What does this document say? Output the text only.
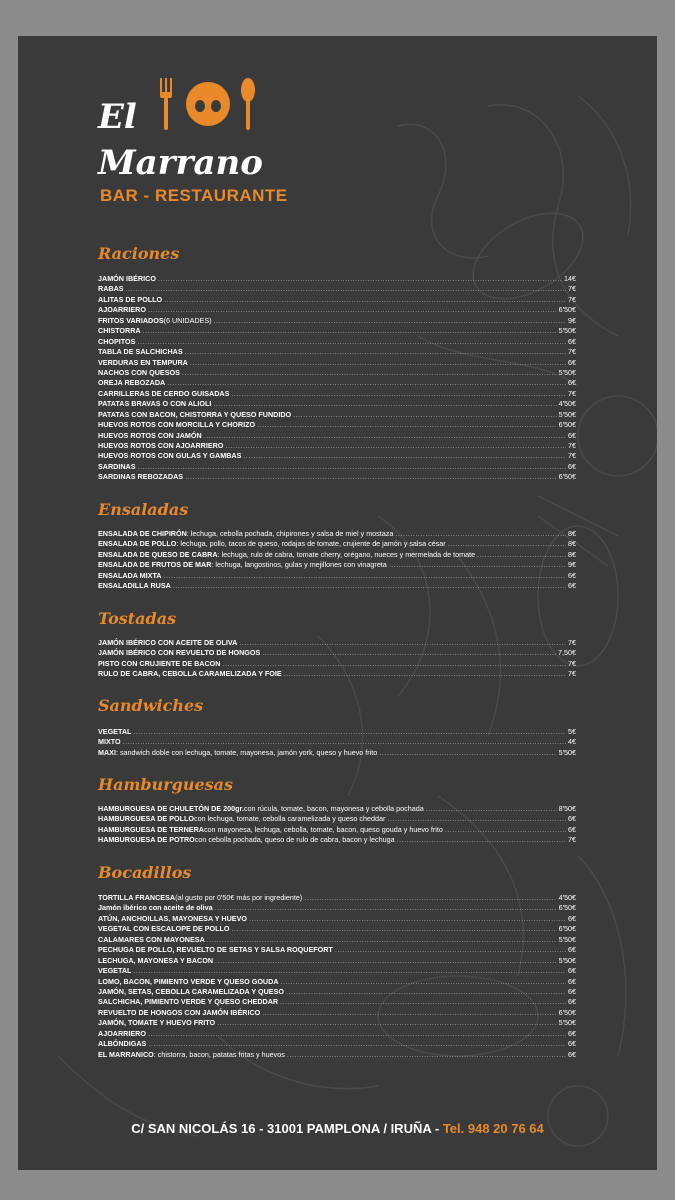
El
Marrano
BAR - RESTAURANTE
Raciones
JAMÓN IBÉRICO .....	14€
RABAS .....	7€
ALITAS DE POLLO .....	7€
AJOARRIERO .....	6'50€
FRITOS VARIADOS (6 UNIDADES) .....	9€
CHISTORRA .....	5'50€
CHOPITOS .....	6€
TABLA DE SALCHICHAS .....	7€
VERDURAS EN TEMPURA .....	6€
NACHOS CON QUESOS .....	5'50€
OREJA REBOZADA .....	6€
CARRILLERAS DE CERDO GUISADAS .....	7€
PATATAS BRAVAS O CON ALIOLI .....	4'50€
PATATAS CON BACON, CHISTORRA Y QUESO FUNDIDO .....	5'50€
HUEVOS ROTOS CON MORCILLA Y CHORIZO .....	6'50€
HUEVOS ROTOS CON JAMÓN .....	6€
HUEVOS ROTOS CON AJOARRIERO .....	7€
HUEVOS ROTOS CON GULAS Y GAMBAS .....	7€
SARDINAS .....	6€
SARDINAS REBOZADAS .....	6'50€
Ensaladas
ENSALADA DE CHIPIRÓN : lechuga, cebolla pochada, chipirones y salsa de miel y mostaza .....	8€
ENSALADA DE POLLO : lechuga, pollo, tacos de queso, rodajas de tomate, crujiente de jamón y salsa césar .....	8€
ENSALADA DE QUESO DE CABRA : lechuga, rulo de cabra, tomate cherry, orégano, nueces y mermelada de tomate .....	8€
ENSALADA DE FRUTOS DE MAR : lechuga, langostinos, gulas y mejillones con vinagreta .....	9€
ENSALADA MIXTA .....	6€
ENSALADILLA RUSA .....	6€
Tostadas
JAMÓN IBÉRICO CON ACEITE DE OLIVA .....	7€
JAMÓN IBÉRICO CON REVUELTO DE HONGOS .....	7,50€
PISTO CON CRUJIENTE DE BACON .....	7€
RULO DE CABRA, CEBOLLA CARAMELIZADA Y FOIE .....	7€
Sandwiches
VEGETAL .....	5€
MIXTO .....	4€
MAXI : sandwich doble con lechuga, tomate, mayonesa, jamón york, queso y huevo frito .....	5'50€
Hamburguesas
HAMBURGUESA DE CHULETÓN DE 200gr. con rúcula, tomate, bacon, mayonesa y cebolla pochada .....	8'50€
HAMBURGUESA DE POLLO con lechuga, tomate, cebolla caramelizada y queso cheddar .....	6€
HAMBURGUESA DE TERNERA con mayonesa, lechuga, cebolla, tomate, bacon, queso gouda y huevo frito .....	6€
HAMBURGUESA DE POTRO con cebolla pochada, queso de rulo de cabra, bacon y lechuga .....	7€
Bocadillos
TORTILLA FRANCESA (al gusto por 0'50€ más por ingrediente) .....	4'50€
Jamón ibérico con aceite de oliva .....	6'50€
ATÚN, ANCHOILLAS, MAYONESA Y HUEVO .....	6€
VEGETAL CON ESCALOPE DE POLLO .....	6'50€
CALAMARES CON MAYONESA .....	5'50€
PECHUGA DE POLLO, REVUELTO DE SETAS Y SALSA ROQUEFORT .....	6€
LECHUGA, MAYONESA Y BACON .....	5'50€
VEGETAL .....	6€
LOMO, BACON, PIMIENTO VERDE Y QUESO GOUDA .....	6€
JAMÓN, SETAS, CEBOLLA CARAMELIZADA Y QUESO .....	6€
SALCHICHA, PIMIENTO VERDE Y QUESO CHEDDAR .....	6€
REVUELTO DE HONGOS CON JAMÓN IBÉRICO .....	6'50€
JAMÓN, TOMATE Y HUEVO FRITO .....	5'50€
AJOARRIERO .....	6€
ALBÓNDIGAS .....	6€
EL MARRANICO : chistorra, bacon, patatas fritas y huevos .....	6€
C/ SAN NICOLÁS 16 - 31001 PAMPLONA / IRUÑA - Tel. 948 20 76 64
